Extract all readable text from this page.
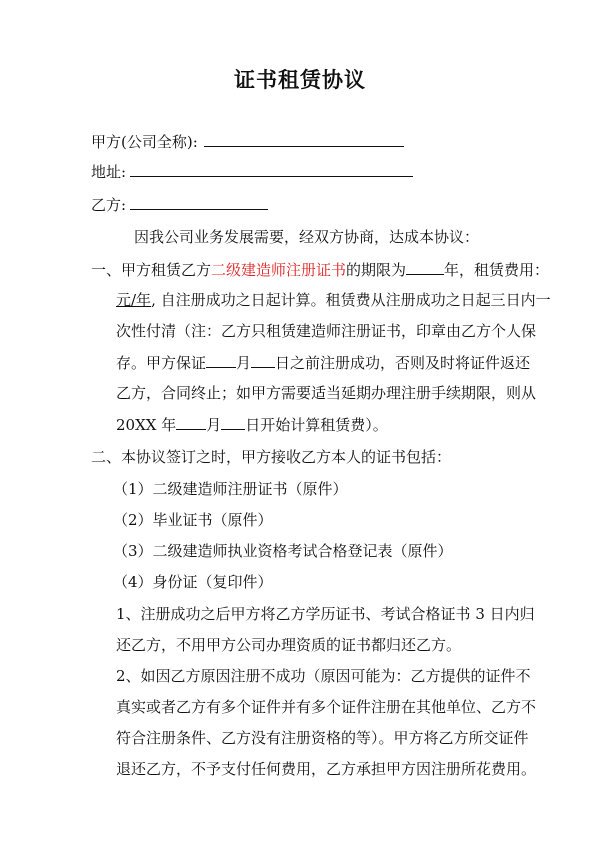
证书租赁协议
甲方(公司全称):
地址:
乙方:
因我公司业务发展需要，经双方协商，达成本协议：
一、甲方租赁乙方二级建造师注册证书的期限为	年，租赁费用：
元/年, 自注册成功之日起计算。租赁费从注册成功之日起三日内一
次性付清（注：乙方只租赁建造师注册证书，印章由乙方个人保
存。甲方保证 月 日之前注册成功，否则及时将证件返还
乙方，合同终止；如甲方需要适当延期办理注册手续期限，则从
20XX 年 月 日开始计算租赁费）。
二、本协议签订之时，甲方接收乙方本人的证书包括：
（1）二级建造师注册证书（原件）
（2）毕业证书（原件）
（3）二级建造师执业资格考试合格登记表（原件）
（4）身份证（复印件）
1、注册成功之后甲方将乙方学历证书、考试合格证书 3 日内归
还乙方，不用甲方公司办理资质的证书都归还乙方。
2、如因乙方原因注册不成功（原因可能为：乙方提供的证件不
真实或者乙方有多个证件并有多个证件注册在其他单位、乙方不
符合注册条件、乙方没有注册资格的等）。甲方将乙方所交证件
退还乙方，不予支付任何费用，乙方承担甲方因注册所花费用。
